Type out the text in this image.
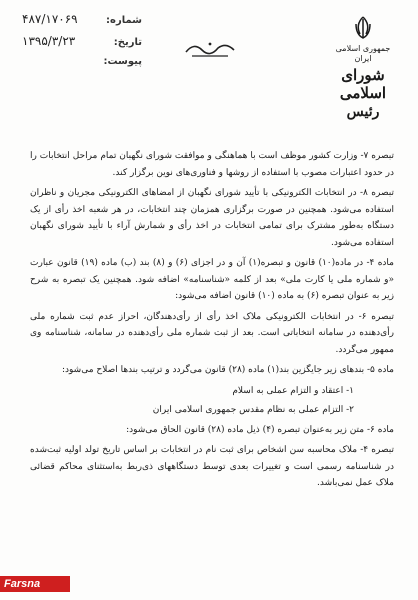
شماره:
۴۸۷/۱۷۰۶۹
تاریخ:
۱۳۹۵/۳/۲۳
پیوست:
جمهوری اسلامی ایران
شورای اسلامی
رئیس

تبصره ۷- وزارت کشور موظف است با هماهنگی و موافقت شورای نگهبان تمام مراحل انتخابات را در حدود اعتبارات مصوب با استفاده از روشها و فناوری‌های نوین برگزار کند.

تبصره ۸- در انتخابات الکترونیکی با تأیید شورای نگهبان از امضاهای الکترونیکی مجریان و ناظران استفاده می‌شود. همچنین در صورت برگزاری همزمان چند انتخابات، در هر شعبه اخذ رأی از یک دستگاه به‌طور مشترک برای تمامی انتخابات در اخذ رأی و شمارش آراء با تأیید شورای نگهبان استفاده می‌شود.

ماده ۴- در ماده(۱۰) قانون و تبصره(۱) آن و در اجزای (۶) و (۸) بند (ب) ماده (۱۹) قانون عبارت «و شماره ملی یا کارت ملی» بعد از کلمه «شناسنامه» اضافه شود. همچنین یک تبصره به شرح زیر به عنوان تبصره (۶) به ماده (۱۰) قانون اضافه می‌شود:

تبصره ۶- در انتخابات الکترونیکی ملاک اخذ رأی از رأی‌دهندگان، احراز عدم ثبت شماره ملی رأی‌دهنده در سامانه انتخاباتی است. بعد از ثبت شماره ملی رأی‌دهنده در سامانه، شناسنامه وی ممهور می‌گردد.

ماده ۵- بندهای زیر جایگزین بند(۱) ماده (۲۸) قانون می‌گردد و ترتیب بندها اصلاح می‌شود:

۱- اعتقاد و التزام عملی به اسلام

۲- التزام عملی به نظام مقدس جمهوری اسلامی ایران

ماده ۶- متن زیر به‌عنوان تبصره (۴) ذیل ماده (۲۸) قانون الحاق می‌شود:

تبصره ۴- ملاک محاسبه سن اشخاص برای ثبت نام در انتخابات بر اساس تاریخ تولد اولیه ثبت‌شده در شناسنامه رسمی است و تغییرات بعدی توسط دستگاههای ذی‌ربط به‌استثنای محاکم قضائی ملاک عمل نمی‌باشد.

Farsna
